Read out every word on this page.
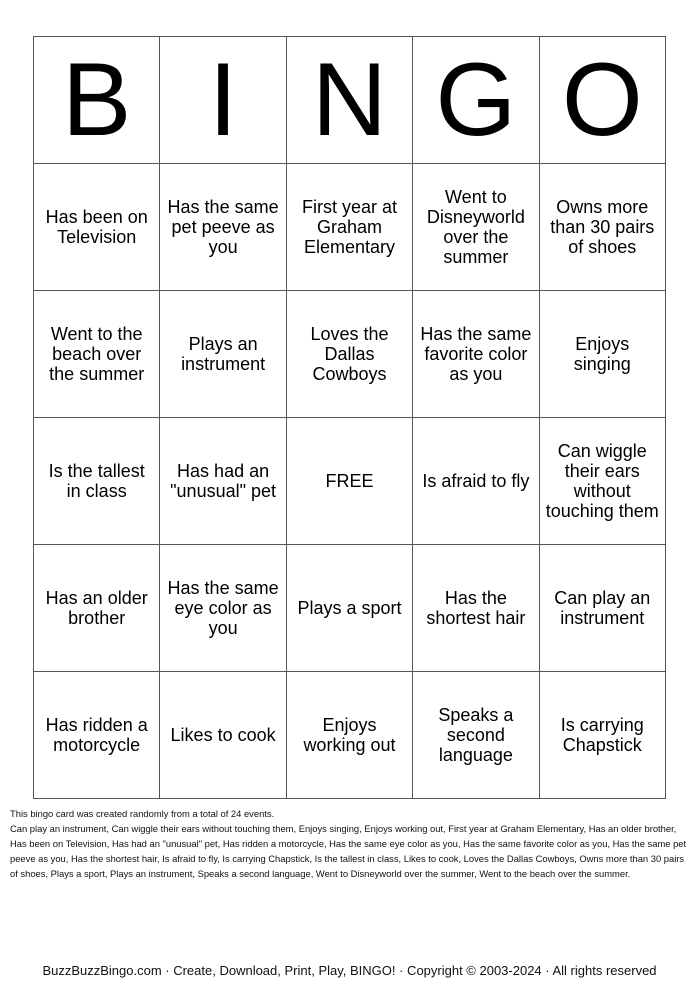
B	I	N	G	O
Has been on Television	Has the same pet peeve as you	First year at Graham Elementary	Went to Disneyworld over the summer	Owns more than 30 pairs of shoes
Went to the beach over the summer	Plays an instrument	Loves the Dallas Cowboys	Has the same favorite color as you	Enjoys singing
Is the tallest in class	Has had an "unusual" pet	FREE	Is afraid to fly	Can wiggle their ears without touching them
Has an older brother	Has the same eye color as you	Plays a sport	Has the shortest hair	Can play an instrument
Has ridden a motorcycle	Likes to cook	Enjoys working out	Speaks a second language	Is carrying Chapstick
This bingo card was created randomly from a total of 24 events.
Can play an instrument, Can wiggle their ears without touching them, Enjoys singing, Enjoys working out, First year at Graham Elementary, Has an older brother, Has been on Television, Has had an "unusual" pet, Has ridden a motorcycle, Has the same eye color as you, Has the same favorite color as you, Has the same pet peeve as you, Has the shortest hair, Is afraid to fly, Is carrying Chapstick, Is the tallest in class, Likes to cook, Loves the Dallas Cowboys, Owns more than 30 pairs of shoes, Plays a sport, Plays an instrument, Speaks a second language, Went to Disneyworld over the summer, Went to the beach over the summer.
BuzzBuzzBingo.com · Create, Download, Print, Play, BINGO! · Copyright © 2003-2024 · All rights reserved
